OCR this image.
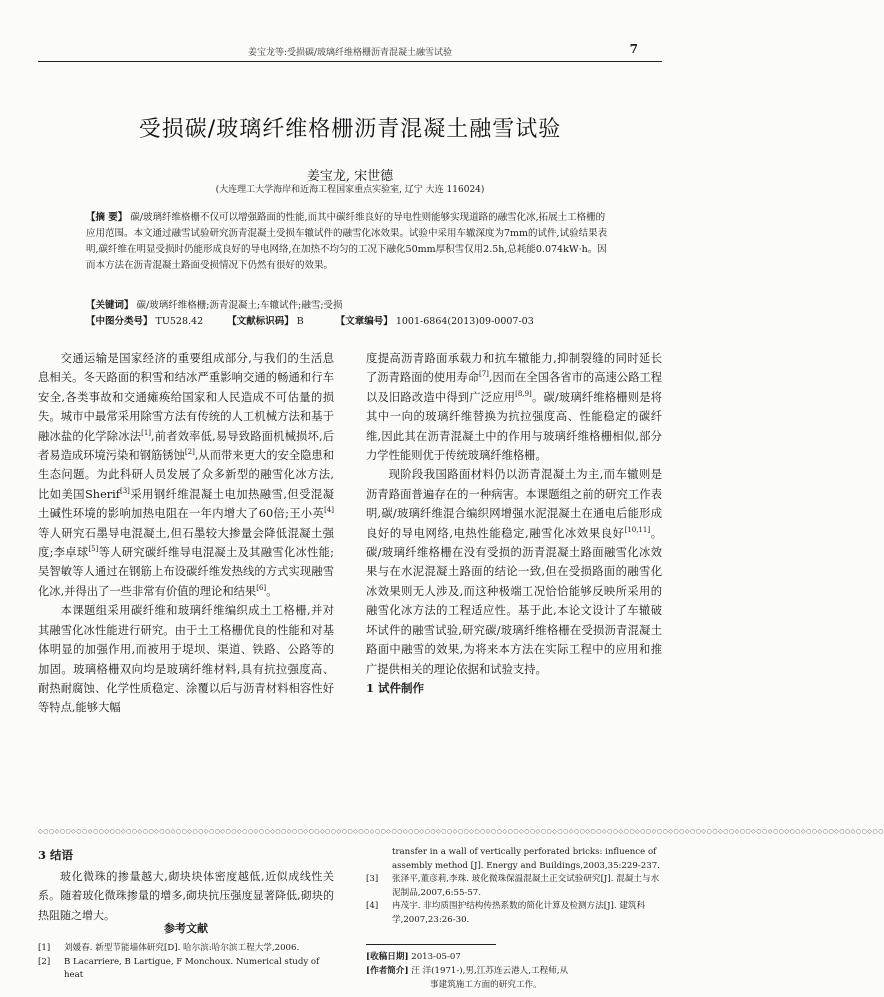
姜宝龙等:受损碳/玻璃纤维格栅沥青混凝土融雪试验	7
受损碳/玻璃纤维格栅沥青混凝土融雪试验
姜宝龙, 宋世德
(大连理工大学海岸和近海工程国家重点实验室, 辽宁 大连 116024)
【摘 要】 碳/玻璃纤维格栅不仅可以增强路面的性能,而其中碳纤维良好的导电性则能够实现道路的融雪化冰,拓展土工格栅的应用范围。本文通过融雪试验研究沥青混凝土受损车辙试件的融雪化冰效果。试验中采用车辙深度为7mm的试件,试验结果表明,碳纤维在明显受损时仍能形成良好的导电网络,在加热不均匀的工况下融化50mm厚积雪仅用2.5h,总耗能0.074kW·h。因而本方法在沥青混凝土路面受损情况下仍然有很好的效果。
【关键词】 碳/玻璃纤维格栅;沥青混凝土;车辙试件;融雪;受损
【中图分类号】 TU528.42	【文献标识码】 B	【文章编号】 1001-6864(2013)09-0007-03

交通运输是国家经济的重要组成部分,与我们的生活息息相关。冬天路面的积雪和结冰严重影响交通的畅通和行车安全,各类事故和交通瘫痪给国家和人民造成不可估量的损失。城市中最常采用除雪方法有传统的人工机械方法和基于融冰盐的化学除冰法[1],前者效率低,易导致路面机械损坏,后者易造成环境污染和钢筋锈蚀[2],从而带来更大的安全隐患和生态问题。为此科研人员发展了众多新型的融雪化冰方法,比如美国Sherif[3]采用钢纤维混凝土电加热融雪,但受混凝土碱性环境的影响加热电阻在一年内增大了60倍;王小英[4]等人研究石墨导电混凝土,但石墨较大掺量会降低混凝土强度;李卓球[5]等人研究碳纤维导电混凝土及其融雪化冰性能;吴智敏等人通过在钢筋上布设碳纤维发热线的方式实现融雪化冰,并得出了一些非常有价值的理论和结果[6]。

本课题组采用碳纤维和玻璃纤维编织成土工格栅,并对其融雪化冰性能进行研究。由于土工格栅优良的性能和对基体明显的加强作用,而被用于堤坝、渠道、铁路、公路等的加固。玻璃格栅双向均是玻璃纤维材料,具有抗拉强度高、耐热耐腐蚀、化学性质稳定、涂覆以后与沥青材料相容性好等特点,能够大幅

度提高沥青路面承载力和抗车辙能力,抑制裂缝的同时延长了沥青路面的使用寿命[7],因而在全国各省市的高速公路工程以及旧路改造中得到广泛应用[8,9]。碳/玻璃纤维格栅则是将其中一向的玻璃纤维替换为抗拉强度高、性能稳定的碳纤维,因此其在沥青混凝土中的作用与玻璃纤维格栅相似,部分力学性能则优于传统玻璃纤维格栅。

现阶段我国路面材料仍以沥青混凝土为主,而车辙则是沥青路面普遍存在的一种病害。本课题组之前的研究工作表明,碳/玻璃纤维混合编织网增强水泥混凝土在通电后能形成良好的导电网络,电热性能稳定,融雪化冰效果良好[10,11]。碳/玻璃纤维格栅在没有受损的沥青混凝土路面融雪化冰效果与在水泥混凝土路面的结论一致,但在受损路面的融雪化冰效果则无人涉及,而这种极端工况恰恰能够反映所采用的融雪化冰方法的工程适应性。基于此,本论文设计了车辙破坏试件的融雪试验,研究碳/玻璃纤维格栅在受损沥青混凝土路面中融雪的效果,为将来本方法在实际工程中的应用和推广提供相关的理论依据和试验支持。

1 试件制作
◇○○◇○○◇○○◇○○◇○○◇○○◇○○◇○○◇○○◇○○◇○○◇○○◇○○◇○○◇○○◇○○◇○○◇○○◇○○◇○○◇○○◇○○◇○○◇○○◇○○◇○○◇○○◇○○◇○○◇○○◇○○◇○○◇○○◇○○◇○○◇○○◇○○◇○○◇○○◇○○◇○○◇○○◇○○◇○○◇○○◇○○◇○○◇○○◇○○◇○○◇○○
3 结语

玻化微珠的掺量越大,砌块块体密度越低,近似成线性关系。随着玻化微珠掺量的增多,砌块抗压强度显著降低,砌块的热阻随之增大。

参考文献
[1] 刘媛春. 新型节能墙体研究[D]. 哈尔滨:哈尔滨工程大学,2006.
[2] B Lacarriere, B Lartigue, F Monchoux. Numerical study of heat
transfer in a wall of vertically perforated bricks: influence of assembly method [J]. Energy and Buildings,2003,35:229-237.
[3] 张泽平,董彦莉,李珠. 玻化微珠保温混凝土正交试验研究[J]. 混凝土与水泥制品,2007,6:55-57.
[4] 冉茂宇. 非均质围护结构传热系数的简化计算及检测方法[J]. 建筑科学,2007,23:26-30.
[收稿日期] 2013-05-07
[作者简介] 汪 洋(1971-),男,江苏连云港人,工程师,从
事建筑施工方面的研究工作。
